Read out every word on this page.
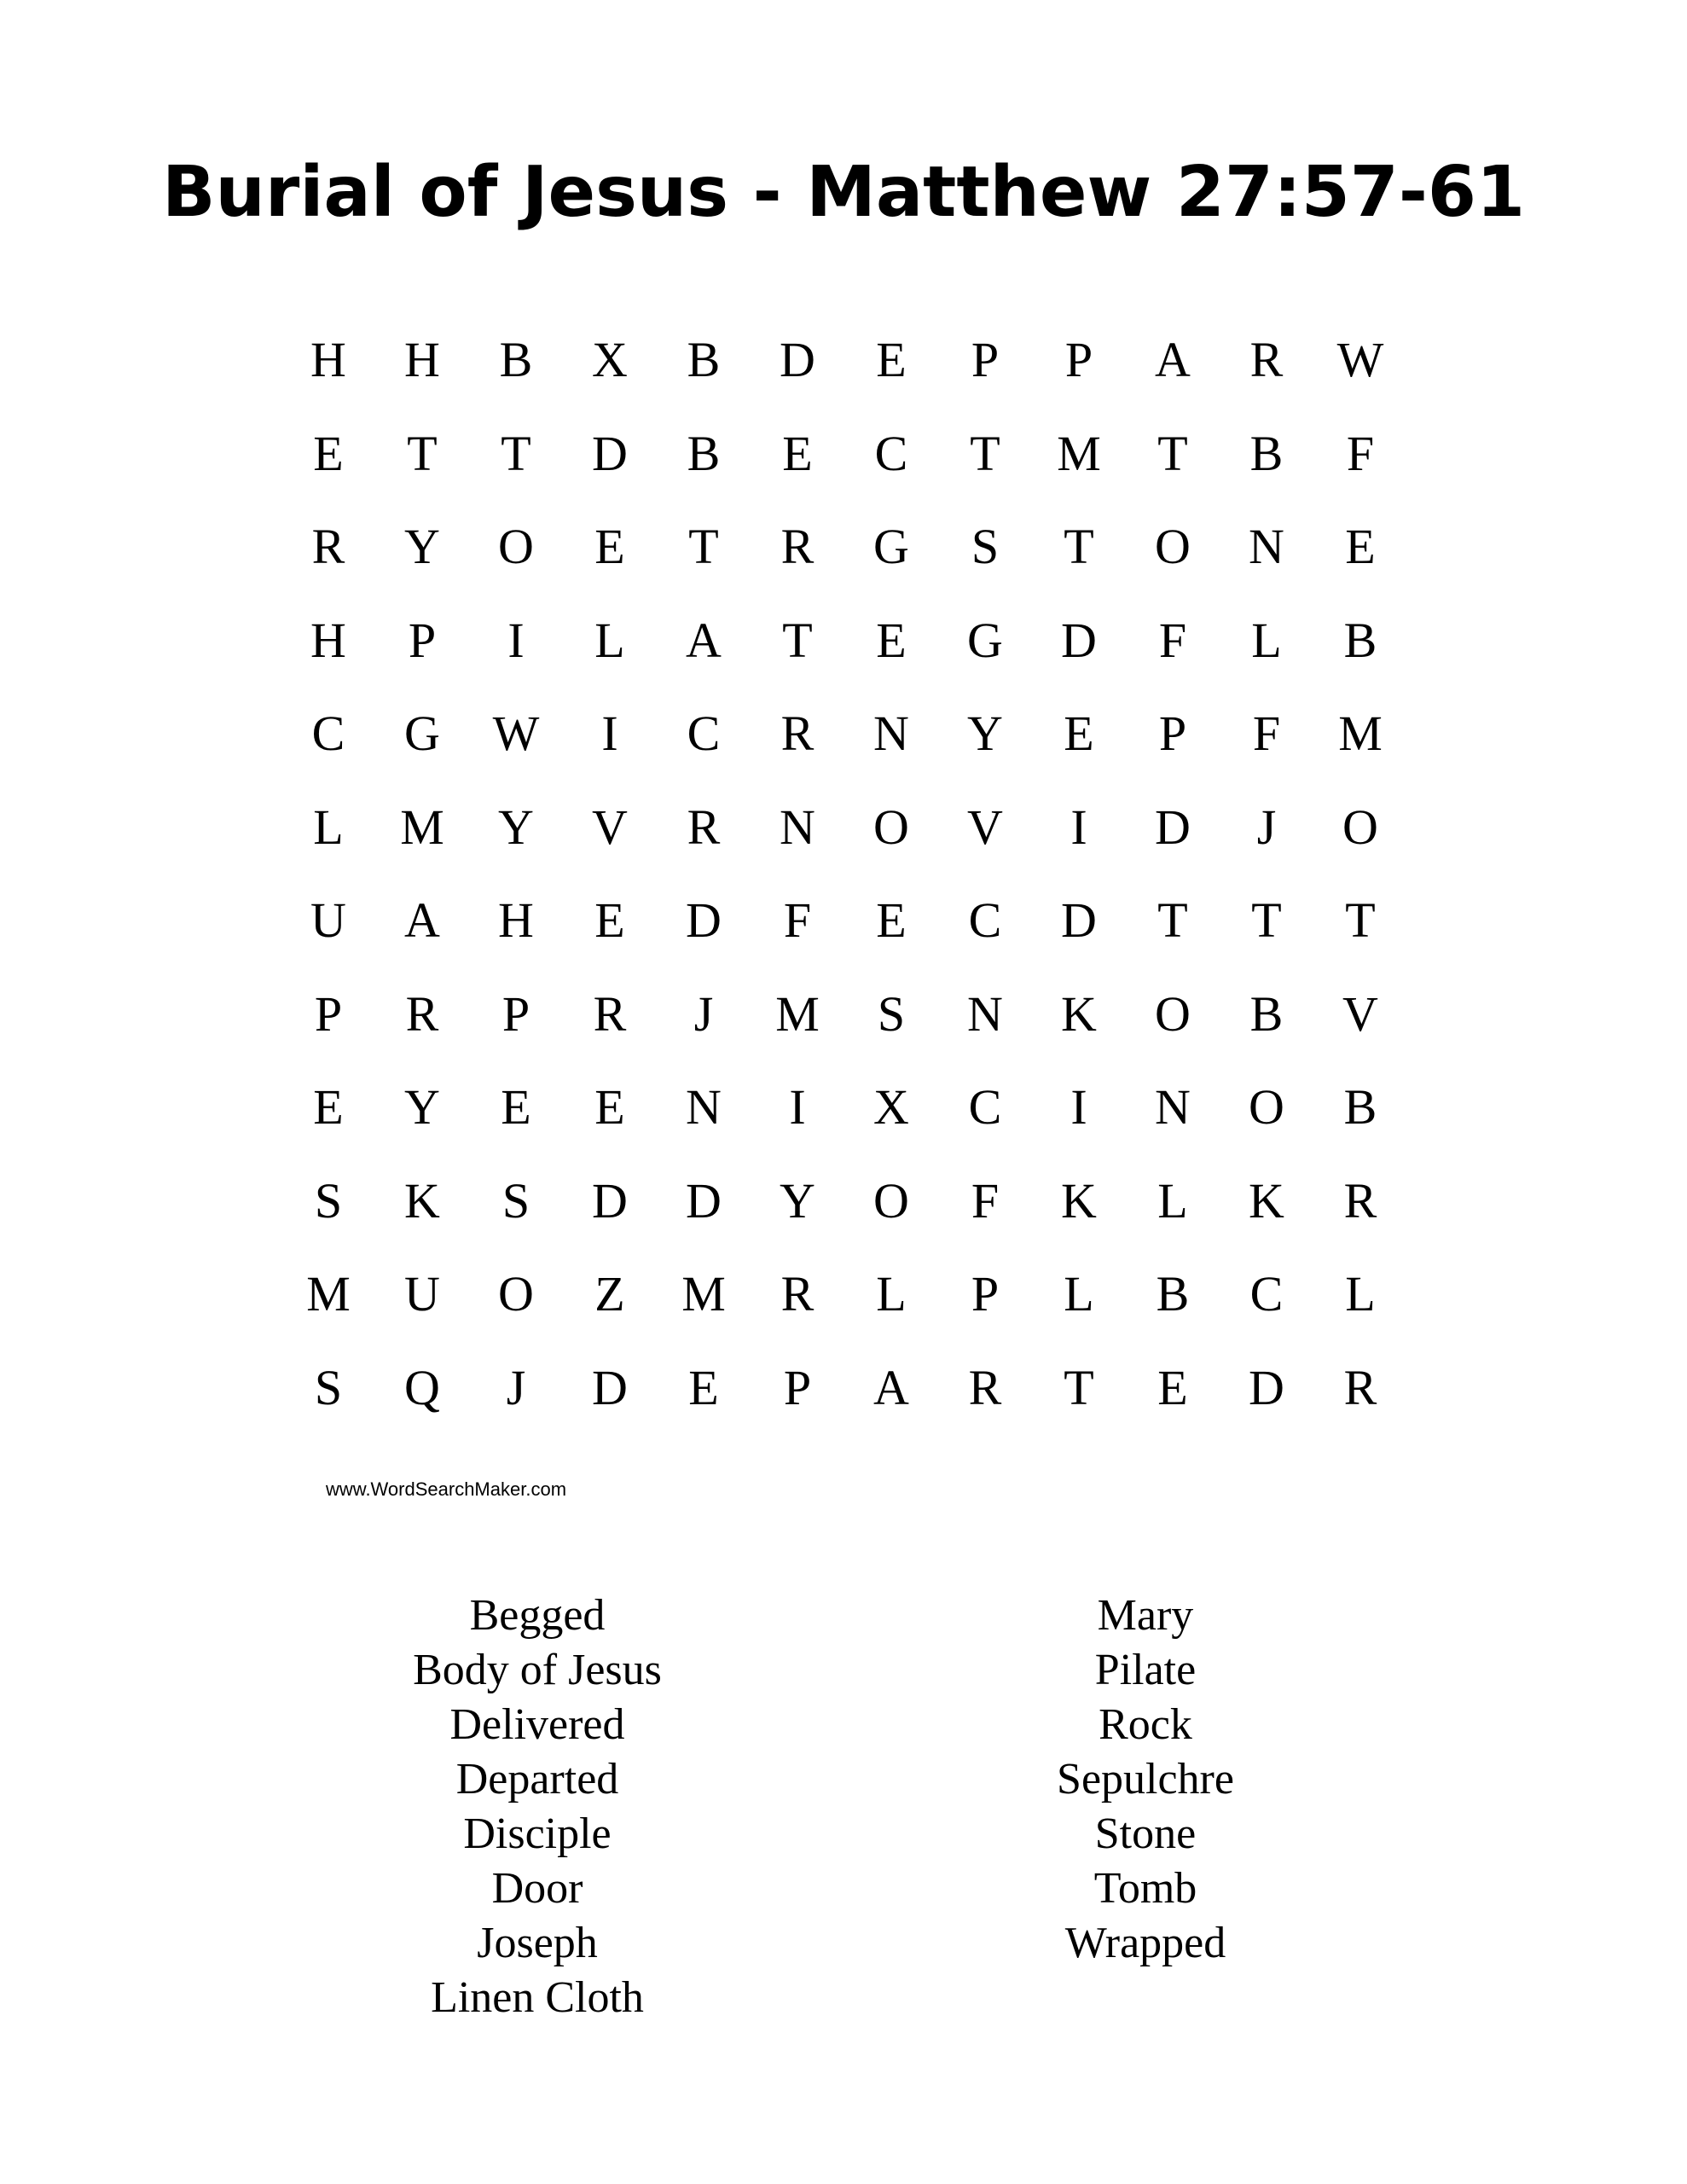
Burial of Jesus - Matthew 27:57-61
H	H	B	X	B	D	E	P	P	A	R	W
E	T	T	D	B	E	C	T	M	T	B	F
R	Y	O	E	T	R	G	S	T	O	N	E
H	P	I	L	A	T	E	G	D	F	L	B
C	G	W	I	C	R	N	Y	E	P	F	M
L	M	Y	V	R	N	O	V	I	D	J	O
U	A	H	E	D	F	E	C	D	T	T	T
P	R	P	R	J	M	S	N	K	O	B	V
E	Y	E	E	N	I	X	C	I	N	O	B
S	K	S	D	D	Y	O	F	K	L	K	R
M	U	O	Z	M	R	L	P	L	B	C	L
S	Q	J	D	E	P	A	R	T	E	D	R
www.WordSearchMaker.com
Begged
Body of Jesus
Delivered
Departed
Disciple
Door
Joseph
Linen Cloth
Mary
Pilate
Rock
Sepulchre
Stone
Tomb
Wrapped
